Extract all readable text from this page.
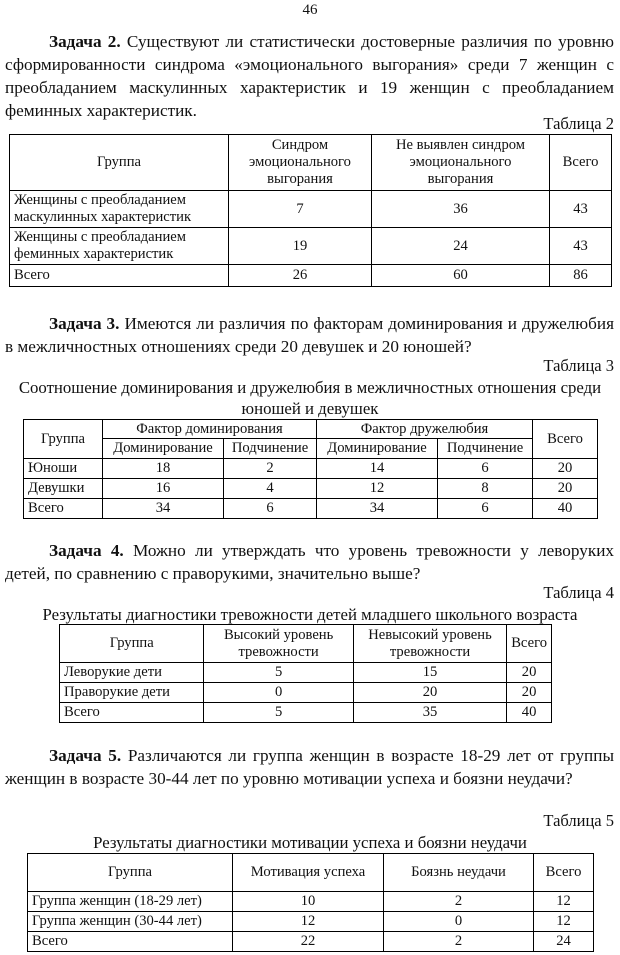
46
Задача 2. Существуют ли статистически достоверные различия по уровню сформированности синдрома «эмоционального выгорания» среди 7 женщин с преобладанием маскулинных характеристик и 19 женщин с преобладанием феминных характеристик.
Таблица 2
Группа	Синдром эмоционального выгорания	Не выявлен синдром эмоционального выгорания	Всего
Женщины с преобладанием маскулинных характеристик	7	36	43
Женщины с преобладанием феминных характеристик	19	24	43
Всего	26	60	86
Задача 3. Имеются ли различия по факторам доминирования и дружелюбия в межличностных отношениях среди 20 девушек и 20 юношей?
Таблица 3
Соотношение доминирования и дружелюбия в межличностных отношения среди юношей и девушек
Группа	Фактор доминирования		Фактор дружелюбия		Всего
	Доминирование	Подчинение	Доминирование	Подчинение	
Юноши	18	2	14	6	20
Девушки	16	4	12	8	20
Всего	34	6	34	6	40
Задача 4. Можно ли утверждать что уровень тревожности у леворуких детей, по сравнению с праворукими, значительно выше?
Таблица 4
Результаты диагностики тревожности детей младшего школьного возраста
Группа	Высокий уровень тревожности	Невысокий уровень тревожности	Всего
Леворукие дети	5	15	20
Праворукие дети	0	20	20
Всего	5	35	40
Задача 5. Различаются ли группа женщин в возрасте 18-29 лет от группы женщин в возрасте 30-44 лет по уровню мотивации успеха и боязни неудачи?
Таблица 5
Результаты диагностики мотивации успеха и боязни неудачи
Группа	Мотивация успеха	Боязнь неудачи	Всего
Группа женщин (18-29 лет)	10	2	12
Группа женщин (30-44 лет)	12	0	12
Всего	22	2	24
